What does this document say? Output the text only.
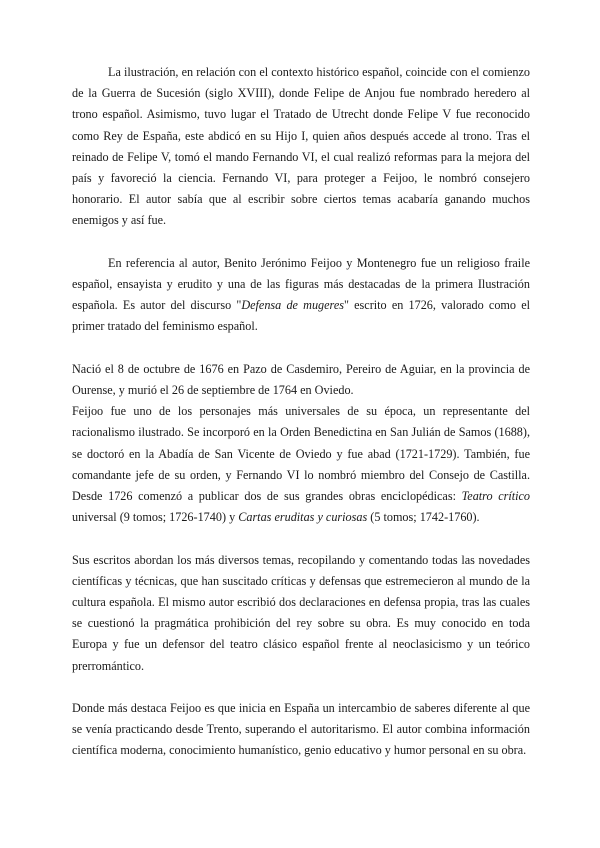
La ilustración, en relación con el contexto histórico español, coincide con el comienzo de la Guerra de Sucesión (siglo XVIII), donde Felipe de Anjou fue nombrado heredero al trono español. Asimismo, tuvo lugar el Tratado de Utrecht donde Felipe V fue reconocido como Rey de España, este abdicó en su Hijo I, quien años después accede al trono. Tras el reinado de Felipe V, tomó el mando Fernando VI, el cual realizó reformas para la mejora del país y favoreció la ciencia. Fernando VI, para proteger a Feijoo, le nombró consejero honorario. El autor sabía que al escribir sobre ciertos temas acabaría ganando muchos enemigos y así fue.

En referencia al autor, Benito Jerónimo Feijoo y Montenegro fue un religioso fraile español, ensayista y erudito y una de las figuras más destacadas de la primera Ilustración española. Es autor del discurso "Defensa de mugeres" escrito en 1726, valorado como el primer tratado del feminismo español.

Nació el 8 de octubre de 1676 en Pazo de Casdemiro, Pereiro de Aguiar, en la provincia de Ourense, y murió el 26 de septiembre de 1764 en Oviedo.

Feijoo fue uno de los personajes más universales de su época, un representante del racionalismo ilustrado. Se incorporó en la Orden Benedictina en San Julián de Samos (1688), se doctoró en la Abadía de San Vicente de Oviedo y fue abad (1721-1729). También, fue comandante jefe de su orden, y Fernando VI lo nombró miembro del Consejo de Castilla. Desde 1726 comenzó a publicar dos de sus grandes obras enciclopédicas: Teatro crítico universal (9 tomos; 1726-1740) y Cartas eruditas y curiosas (5 tomos; 1742-1760).

Sus escritos abordan los más diversos temas, recopilando y comentando todas las novedades científicas y técnicas, que han suscitado críticas y defensas que estremecieron al mundo de la cultura española. El mismo autor escribió dos declaraciones en defensa propia, tras las cuales se cuestionó la pragmática prohibición del rey sobre su obra. Es muy conocido en toda Europa y fue un defensor del teatro clásico español frente al neoclasicismo y un teórico prerromántico.

Donde más destaca Feijoo es que inicia en España un intercambio de saberes diferente al que se venía practicando desde Trento, superando el autoritarismo. El autor combina información científica moderna, conocimiento humanístico, genio educativo y humor personal en su obra.
